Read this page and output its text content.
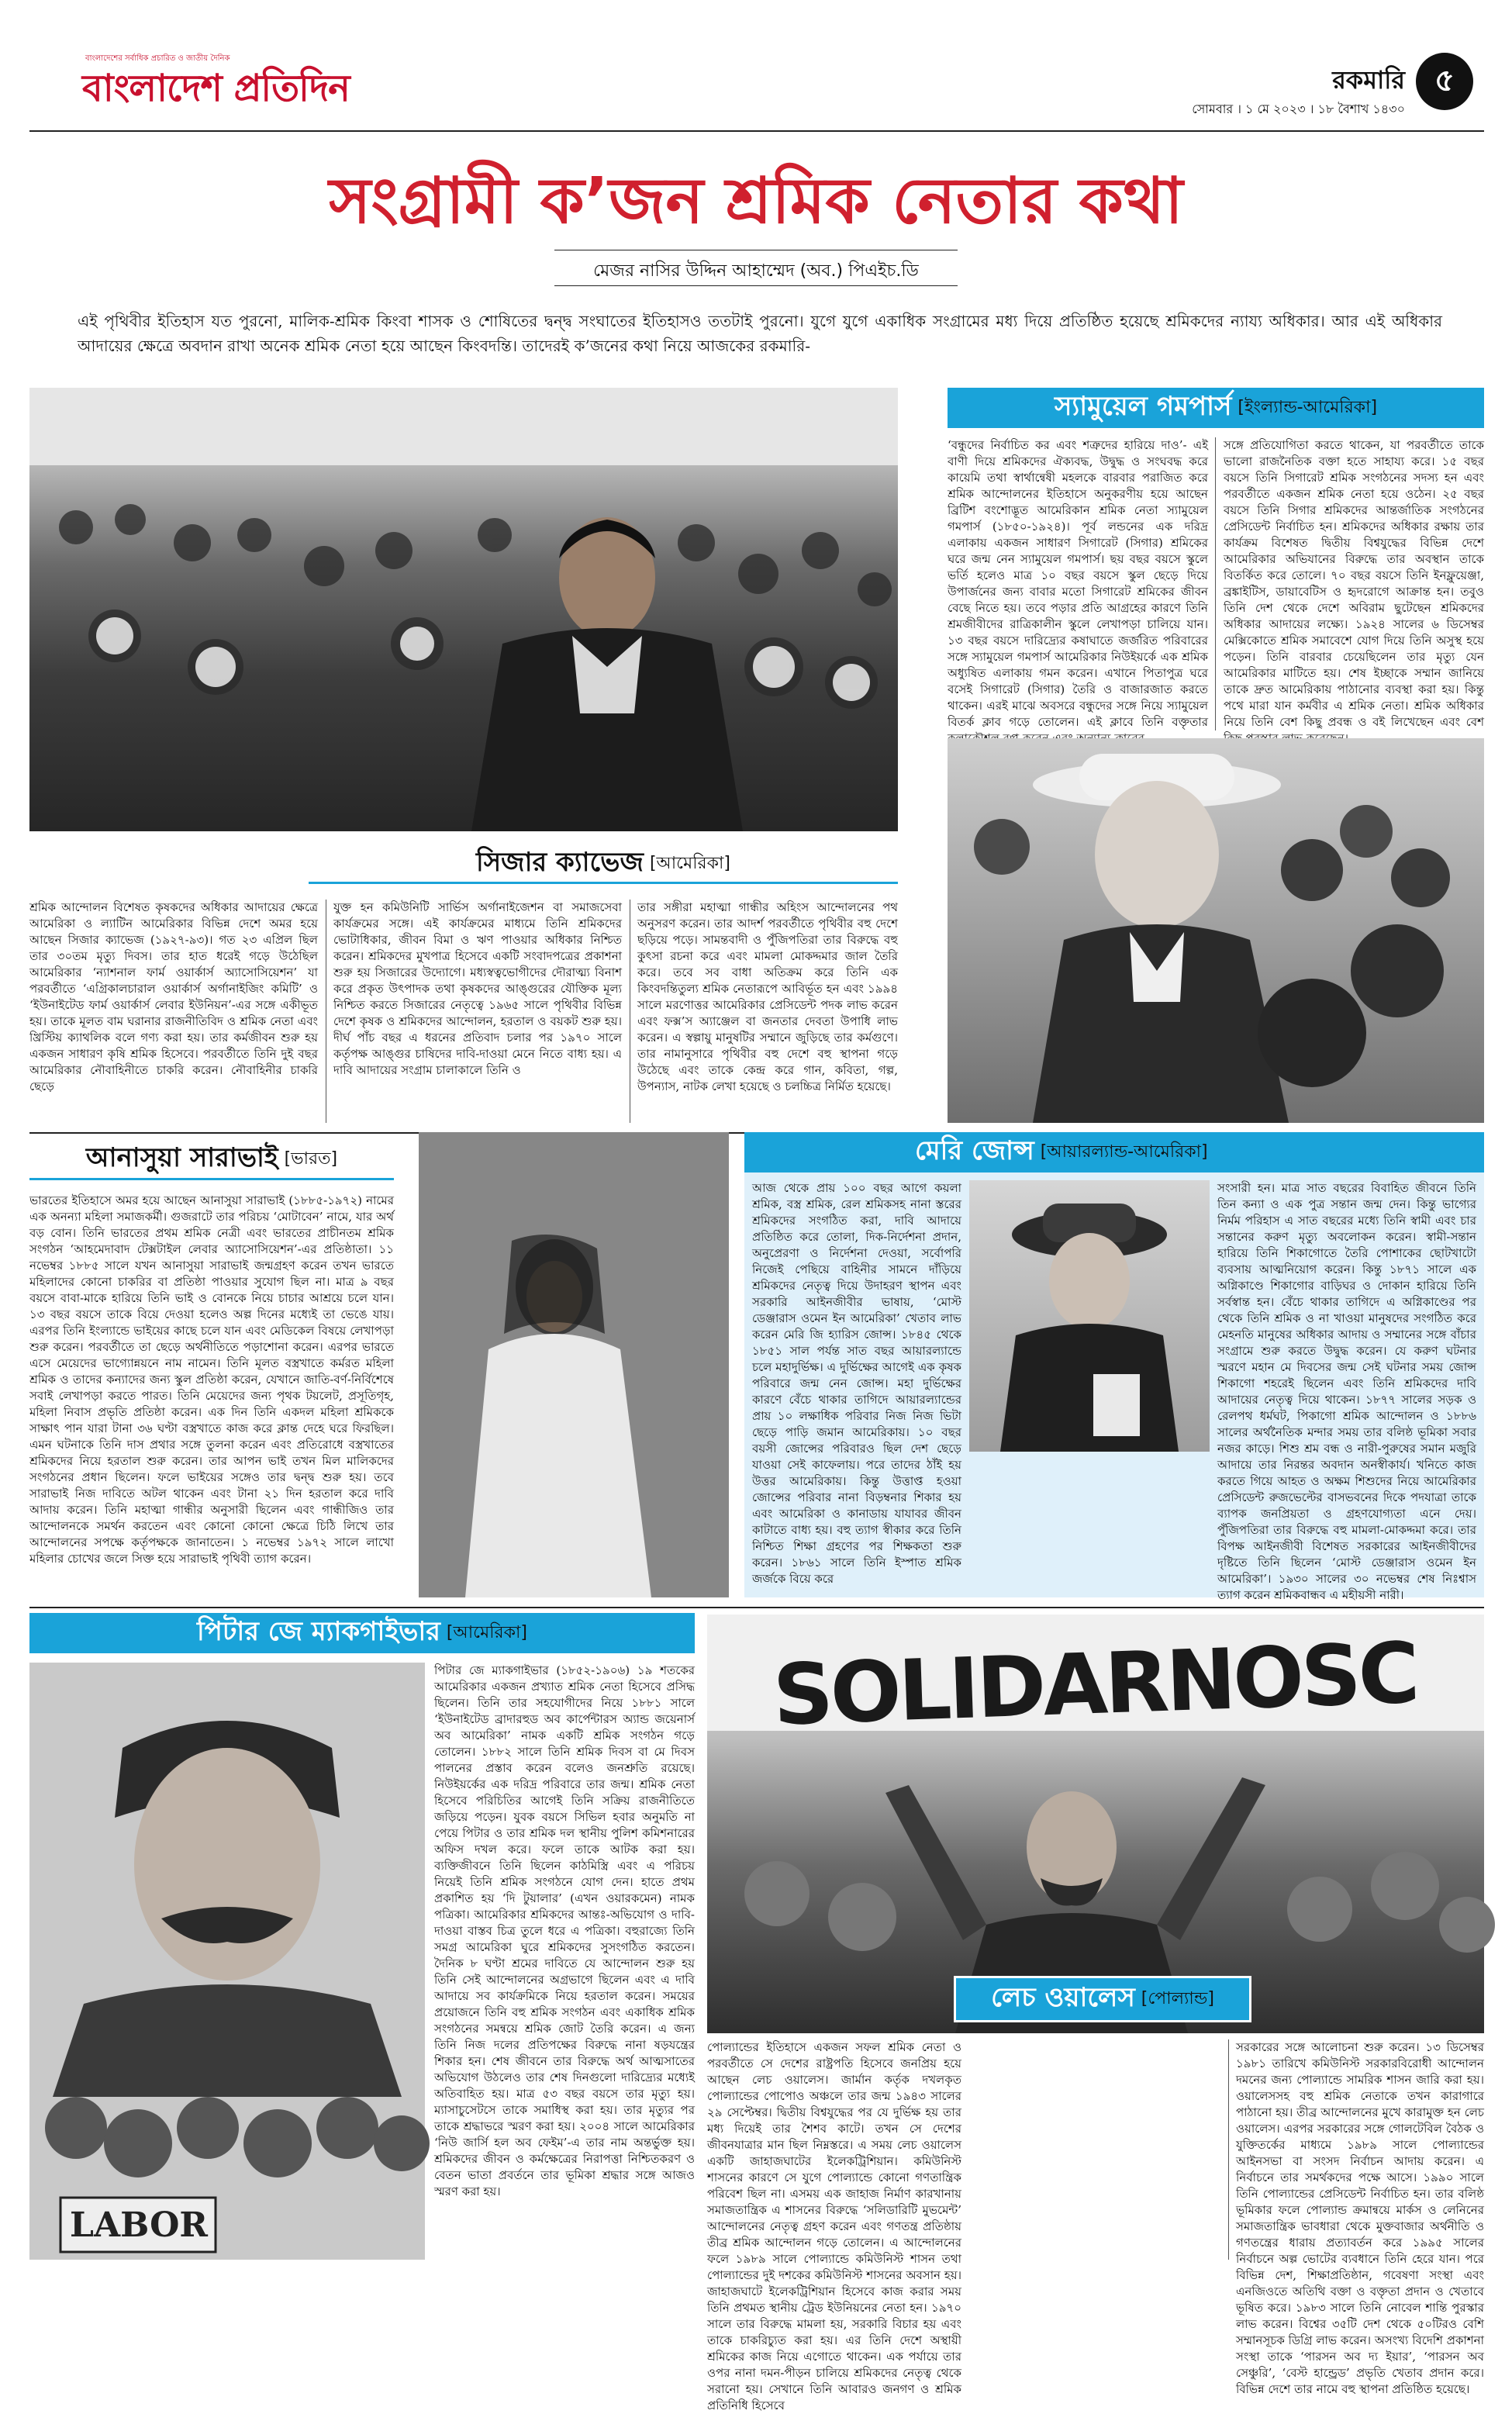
বাংলাদেশের সর্বাধিক প্রচারিত ও জাতীয় দৈনিক
বাংলাদেশ প্রতিদিন	রকমারি ৫
সোমবার । ১ মে ২০২৩ । ১৮ বৈশাখ ১৪৩০
সংগ্রামী ক’জন শ্রমিক নেতার কথা
মেজর নাসির উদ্দিন আহাম্মেদ (অব.) পিএইচ.ডি
এই পৃথিবীর ইতিহাস যত পুরনো, মালিক-শ্রমিক কিংবা শাসক ও শোষিতের দ্বন্দ্ব সংঘাতের ইতিহাসও ততটাই পুরনো। যুগে যুগে একাধিক সংগ্রামের মধ্য দিয়ে প্রতিষ্ঠিত হয়েছে শ্রমিকদের ন্যায্য অধিকার। আর এই অধিকার আদায়ের ক্ষেত্রে অবদান রাখা অনেক শ্রমিক নেতা হয়ে আছেন কিংবদন্তি। তাদেরই ক’জনের কথা নিয়ে আজকের রকমারি-
স্যামুয়েল গমপার্স [ইংল্যান্ড-আমেরিকা]
‘বন্ধুদের নির্বাচিত কর এবং শত্রুদের হারিয়ে দাও’- এই বাণী দিয়ে শ্রমিকদের ঐক্যবদ্ধ, উদ্বুদ্ধ ও সংঘবদ্ধ করে কায়েমি তথা স্বার্থান্বেষী মহলকে বারবার পরাজিত করে শ্রমিক আন্দোলনের ইতিহাসে অনুকরণীয় হয়ে আছেন ব্রিটিশ বংশোদ্ভূত আমেরিকান শ্রমিক নেতা স্যামুয়েল গমপার্স (১৮৫০-১৯২৪)। পূর্ব লন্ডনের এক দরিদ্র এলাকায় একজন সাধারণ সিগারেট (সিগার) শ্রমিকের ঘরে জন্ম নেন স্যামুয়েল গমপার্স। ছয় বছর বয়সে স্কুলে ভর্তি হলেও মাত্র ১০ বছর বয়সে স্কুল ছেড়ে দিয়ে উপার্জনের জন্য বাবার মতো সিগারেট শ্রমিকের জীবন বেছে নিতে হয়। তবে পড়ার প্রতি আগ্রহের কারণে তিনি শ্রমজীবীদের রাত্রিকালীন স্কুলে লেখাপড়া চালিয়ে যান। ১৩ বছর বয়সে দারিদ্র্যের কষাঘাতে জর্জরিত পরিবারের সঙ্গে স্যামুয়েল গমপার্স আমেরিকার নিউইয়র্কে এক শ্রমিক অধ্যুষিত এলাকায় গমন করেন। এখানে পিতাপুত্র ঘরে বসেই সিগারেট (সিগার) তৈরি ও বাজারজাত করতে থাকেন। এরই মাঝে অবসরে বন্ধুদের সঙ্গে নিয়ে স্যামুয়েল বিতর্ক ক্লাব গড়ে তোলেন। এই ক্লাবে তিনি বক্তৃতার
সঙ্গে প্রতিযোগিতা করতে থাকেন, যা পরবর্তীতে তাকে ভালো রাজনৈতিক বক্তা হতে সাহায্য করে। ১৫ বছর বয়সে তিনি সিগারেট শ্রমিক সংগঠনের সদস্য হন এবং পরবর্তীতে একজন শ্রমিক নেতা হয়ে ওঠেন। ২৫ বছর বয়সে তিনি সিগার শ্রমিকদের আন্তর্জাতিক সংগঠনের প্রেসিডেন্ট নির্বাচিত হন। শ্রমিকদের অধিকার রক্ষায় তার কার্যক্রম বিশেষত দ্বিতীয় বিশ্বযুদ্ধের বিভিন্ন দেশে আমেরিকার অভিযানের বিরুদ্ধে তার অবস্থান তাকে বিতর্কিত করে তোলে। ৭০ বছর বয়সে তিনি ইনফ্লুয়েঞ্জা, ব্রঙ্কাইটিস, ডায়াবেটিস ও হৃদরোগে আক্রান্ত হন। তবুও তিনি দেশ থেকে দেশে অবিরাম ছুটেছেন শ্রমিকদের অধিকার আদায়ের লক্ষ্যে। ১৯২৪ সালের ৬ ডিসেম্বর মেক্সিকোতে শ্রমিক সমাবেশে যোগ দিয়ে তিনি অসুস্থ হয়ে পড়েন। তিনি বারবার চেয়েছিলেন তার মৃত্যু যেন আমেরিকার মাটিতে হয়। শেষ ইচ্ছাকে সম্মান জানিয়ে তাকে দ্রুত আমেরিকায় পাঠানোর ব্যবস্থা করা হয়। কিন্তু পথে মারা যান কর্মবীর এ শ্রমিক নেতা। শ্রমিক অধিকার নিয়ে তিনি বেশ কিছু প্রবন্ধ ও বই লিখেছেন এবং বেশ
সিজার ক্যাভেজ [আমেরিকা]
শ্রমিক আন্দোলন বিশেষত কৃষকদের অধিকার আদায়ের ক্ষেত্রে আমেরিকা ও ল্যাটিন আমেরিকার বিভিন্ন দেশে অমর হয়ে আছেন সিজার ক্যাভেজ (১৯২৭-৯৩)। গত ২৩ এপ্রিল ছিল তার ৩০তম মৃত্যু দিবস। তার হাত ধরেই গড়ে উঠেছিল আমেরিকার ‘ন্যাশনাল ফার্ম ওয়ার্কার্স অ্যাসোসিয়েশন’ যা পরবর্তীতে ‘এগ্রিকালচারাল ওয়ার্কার্স অর্গানাইজিং কমিটি’ ও ‘ইউনাইটেড ফার্ম ওয়ার্কার্স লেবার ইউনিয়ন’-এর সঙ্গে একীভূত হয়। তাকে মূলত বাম ঘরানার রাজনীতিবিদ ও শ্রমিক নেতা এবং খ্রিস্টিয় ক্যাথলিক বলে গণ্য করা হয়। তার কর্মজীবন শুরু হয় একজন সাধারণ কৃষি শ্রমিক হিসেবে। পরবর্তীতে তিনি দুই বছর আমেরিকার নৌবাহিনীতে চাকরি করেন। নৌবাহিনীর চাকরি ছেড়ে
যুক্ত হন কমিউনিটি সার্ভিস অর্গানাইজেশন বা সমাজসেবা কার্যক্রমের সঙ্গে। এই কার্যক্রমের মাধ্যমে তিনি শ্রমিকদের ভোটাধিকার, জীবন বিমা ও ঋণ পাওয়ার অধিকার নিশ্চিত করেন। শ্রমিকদের মুখপাত্র হিসেবে একটি সংবাদপত্রের প্রকাশনা শুরু হয় সিজারের উদ্যোগে। মধ্যস্বত্বভোগীদের দৌরাত্ম্য বিনাশ করে প্রকৃত উৎপাদক তথা কৃষকদের আঙ্গুরের যৌক্তিক মূল্য নিশ্চিত করতে সিজারের নেতৃত্বে ১৯৬৫ সালে পৃথিবীর বিভিন্ন দেশে কৃষক ও শ্রমিকদের আন্দোলন, হরতাল ও বয়কট শুরু হয়। দীর্ঘ পাঁচ বছর এ ধরনের প্রতিবাদ চলার পর ১৯৭০ সালে কর্তৃপক্ষ আঙ্গুর চাষিদের দাবি-দাওয়া মেনে নিতে বাধ্য হয়। এ দাবি আদায়ের সংগ্রাম চালাকালে তিনি ও
তার সঙ্গীরা মহাত্মা গান্ধীর অহিংস আন্দোলনের পথ অনুসরণ করেন। তার আদর্শ পরবর্তীতে পৃথিবীর বহু দেশে ছড়িয়ে পড়ে। সামন্তবাদী ও পুঁজিপতিরা তার বিরুদ্ধে বহু কুৎসা রচনা করে এবং মামলা মোকদ্দমার জাল তৈরি করে। তবে সব বাধা অতিক্রম করে তিনি এক কিংবদন্তিতুল্য শ্রমিক নেতারূপে আবির্ভূত হন এবং ১৯৯৪ সালে মরণোত্তর আমেরিকার প্রেসিডেন্ট পদক লাভ করেন এবং ফক্স’স অ্যাঞ্জেল বা জনতার দেবতা উপাধি লাভ করেন। এ স্বল্পায়ু মানুষটির সম্মানে জুড়িছে তার কর্মগুণে। তার নামানুসারে পৃথিবীর বহু দেশে বহু স্থাপনা গড়ে উঠেছে এবং তাকে কেন্দ্র করে গান, কবিতা, গল্প, উপন্যাস, নাটক লেখা হয়েছে ও চলচ্চিত্র নির্মিত হয়েছে।
আনাসুয়া সারাভাই [ভারত]
ভারতের ইতিহাসে অমর হয়ে আছেন আনাসুয়া সারাভাই (১৮৮৫-১৯৭২) নামের এক অনন্যা মহিলা সমাজকর্মী। গুজরাটে তার পরিচয় ‘মোটাবেন’ নামে, যার অর্থ বড় বোন। তিনি ভারতের প্রথম শ্রমিক নেত্রী এবং ভারতের প্রাচীনতম শ্রমিক সংগঠন ‘আহমেদাবাদ টেক্সটাইল লেবার অ্যাসোসিয়েশন’-এর প্রতিষ্ঠাতা। ১১ নভেম্বর ১৮৮৫ সালে যখন আনাসুয়া সারাভাই জন্মগ্রহণ করেন তখন ভারতে মহিলাদের কোনো চাকরির বা প্রতিষ্ঠা পাওয়ার সুযোগ ছিল না। মাত্র ৯ বছর বয়সে বাবা-মাকে হারিয়ে তিনি ভাই ও বোনকে নিয়ে চাচার আশ্রয়ে চলে যান। ১৩ বছর বয়সে তাকে বিয়ে দেওয়া হলেও অল্প দিনের মধ্যেই তা ভেঙে যায়। এরপর তিনি ইংল্যান্ডে ভাইয়ের কাছে চলে যান এবং মেডিকেল বিষয়ে লেখাপড়া শুরু করেন। পরবর্তীতে তা ছেড়ে অর্থনীতিতে পড়াশোনা করেন। এরপর ভারতে এসে মেয়েদের ভাগ্যোন্নয়নে নাম নামেন। তিনি মূলত বস্ত্রখাতে কর্মরত মহিলা শ্রমিক ও তাদের কন্যাদের জন্য স্কুল প্রতিষ্ঠা করেন, যেখানে জাতি-বর্ণ-নির্বিশেষে সবাই লেখাপড়া করতে পারত। তিনি মেয়েদের জন্য পৃথক টয়লেট, প্রসূতিগৃহ, মহিলা নিবাস প্রভৃতি প্রতিষ্ঠা করেন। এক দিন তিনি একদল মহিলা শ্রমিককে সাক্ষাৎ পান যারা টানা ৩৬ ঘণ্টা বস্ত্রখাতে কাজ করে ক্লান্ত দেহে ঘরে ফিরছিল। এমন ঘটনাকে তিনি দাস প্রথার সঙ্গে তুলনা করেন এবং প্রতিরোধে বস্ত্রখাতের শ্রমিকদের নিয়ে হরতাল শুরু করেন। তার আপন ভাই তখন মিল মালিকদের সংগঠনের প্রধান ছিলেন। ফলে ভাইয়ের সঙ্গেও তার দ্বন্দ্ব শুরু হয়। তবে সারাভাই নিজ দাবিতে অটল থাকেন এবং টানা ২১ দিন হরতাল করে দাবি আদায় করেন। তিনি মহাত্মা গান্ধীর অনুসারী ছিলেন এবং গান্ধীজিও তার আন্দোলনকে সমর্থন করতেন এবং কোনো কোনো ক্ষেত্রে চিঠি লিখে তার আন্দোলনের সপক্ষে কর্তৃপক্ষকে জানাতেন। ১ নভেম্বর ১৯৭২ সালে লাখো মহিলার চোখের জলে সিক্ত হয়ে সারাভাই পৃথিবী ত্যাগ করেন।
মেরি জোন্স [আয়ারল্যান্ড-আমেরিকা]
আজ থেকে প্রায় ১০০ বছর আগে কয়লা শ্রমিক, বস্ত্র শ্রমিক, রেল শ্রমিকসহ নানা স্তরের শ্রমিকদের সংগঠিত করা, দাবি আদায়ে প্রতিষ্ঠিত করে তোলা, দিক-নির্দেশনা প্রদান, অনুপ্রেরণা ও নির্দেশনা দেওয়া, সর্বোপরি নিজেই পেছিয়ে বাহিনীর সামনে দাঁড়িয়ে শ্রমিকদের নেতৃত্ব দিয়ে উদাহরণ স্থাপন এবং সরকারি আইনজীবীর ভাষায়, ‘মোস্ট ডেঞ্জারাস ওমেন ইন আমেরিকা’ খেতাব লাভ করেন মেরি জি হ্যারিস জোন্স। ১৮৪৫ থেকে ১৮৫১ সাল পর্যন্ত সাত বছর আয়ারল্যান্ডে চলে মহাদুর্ভিক্ষ। এ দুর্ভিক্ষের আগেই এক কৃষক পরিবারে জন্ম নেন জোন্স। মহা দুর্ভিক্ষের কারণে বেঁচে থাকার তাগিদে আয়ারল্যান্ডের প্রায় ১০ লক্ষাধিক পরিবার নিজ নিজ ভিটা ছেড়ে পাড়ি জমান আমেরিকায়। ১০ বছর বয়সী জোন্সের পরিবারও ছিল দেশ ছেড়ে যাওয়া সেই কাফেলায়। পরে তাদের ঠাঁই হয় উত্তর আমেরিকায়। কিন্তু উত্তাপ্ত হওয়া জোন্সের পরিবার নানা বিড়ম্বনার শিকার হয় এবং আমেরিকা ও কানাডায় যাযাবর জীবন কাটাতে বাধ্য হয়। বহু ত্যাগ স্বীকার করে তিনি নিশ্চিত শিক্ষা গ্রহণের পর শিক্ষকতা শুরু করেন। ১৮৬১ সালে তিনি ইস্পাত শ্রমিক জর্জকে বিয়ে করে
সংসারী হন। মাত্র সাত বছরের বিবাহিত জীবনে তিনি তিন কন্যা ও এক পুত্র সন্তান জন্ম দেন। কিন্তু ভাগ্যের নির্মম পরিহাস এ সাত বছরের মধ্যে তিনি স্বামী এবং চার সন্তানের করুণ মৃত্যু অবলোকন করেন। স্বামী-সন্তান হারিয়ে তিনি শিকাগোতে তৈরি পোশাকের ছোটখাটো ব্যবসায় আত্মনিয়োগ করেন। কিন্তু ১৮৭১ সালে এক অগ্নিকাণ্ডে শিকাগোর বাড়িঘর ও দোকান হারিয়ে তিনি সর্বস্বান্ত হন। বেঁচে থাকার তাগিদে এ অগ্নিকাণ্ডের পর থেকে তিনি শ্রমিক ও না খাওয়া মানুষদের সংগঠিত করে মেহনতি মানুষের অধিকার আদায় ও সম্মানের সঙ্গে বাঁচার সংগ্রামে শুরু করতে উদ্বুদ্ধ করেন। যে করুণ ঘটনার স্মরণে মহান মে দিবসের জন্ম সেই ঘটনার সময় জোন্স শিকাগো শহরেই ছিলেন এবং তিনি শ্রমিকদের দাবি আদায়ের নেতৃত্ব দিয়ে থাকেন। ১৮৭৭ সালের সড়ক ও রেলপথ ধর্মঘট, পিকাগো শ্রমিক আন্দোলন ও ১৮৮৬ সালের অর্থনৈতিক মন্দার সময় তার বলিষ্ঠ ভূমিকা সবার নজর কাড়ে। শিশু শ্রম বন্ধ ও নারী-পুরুষের সমান মজুরি আদায়ে তার নিরন্তর অবদান অনস্বীকার্য। খনিতে কাজ করতে গিয়ে আহত ও অক্ষম শিশুদের নিয়ে আমেরিকার প্রেসিডেন্ট রুজভেল্টের বাসভবনের দিকে পদযাত্রা তাকে ব্যাপক জনপ্রিয়তা ও গ্রহণযোগ্যতা এনে দেয়। পুঁজিপতিরা তার বিরুদ্ধে বহু মামলা-মোকদ্দমা করে। তার বিপক্ষ আইনজীবী বিশেষত সরকারের আইনজীবীদের দৃষ্টিতে তিনি ছিলেন ‘মোস্ট ডেঞ্জারাস ওমেন ইন আমেরিকা’। ১৯৩০ সালের ৩০ নভেম্বর শেষ নিঃশ্বাস ত্যাগ করেন শ্রমিকবান্ধব এ মহীয়সী নারী।
পিটার জে ম্যাকগাইভার [আমেরিকা]
LABOR
পিটার জে ম্যাকগাইভার (১৮৫২-১৯০৬) ১৯ শতকের আমেরিকার একজন প্রখ্যাত শ্রমিক নেতা হিসেবে প্রসিদ্ধ ছিলেন। তিনি তার সহযোগীদের নিয়ে ১৮৮১ সালে ‘ইউনাইটেড ব্রাদারহুড অব কার্পেন্টারস অ্যান্ড জয়েনার্স অব আমেরিকা’ নামক একটি শ্রমিক সংগঠন গড়ে তোলেন। ১৮৮২ সালে তিনি শ্রমিক দিবস বা মে দিবস পালনের প্রস্তাব করেন বলেও জনশ্রুতি রয়েছে। নিউইয়র্কের এক দরিদ্র পরিবারে তার জন্ম। শ্রমিক নেতা হিসেবে পরিচিতির আগেই তিনি সক্রিয় রাজনীতিতে জড়িয়ে পড়েন। যুবক বয়সে সিভিল হবার অনুমতি না পেয়ে পিটার ও তার শ্রমিক দল স্থানীয় পুলিশ কমিশনারের অফিস দখল করে। ফলে তাকে আটক করা হয়। ব্যক্তিজীবনে তিনি ছিলেন কাঠমিস্ত্রি এবং এ পরিচয় নিয়েই তিনি শ্রমিক সংগঠনে যোগ দেন। হাতে প্রথম প্রকাশিত হয় ‘দি টুয়ালার’ (এখন ওয়ারকমেন) নামক পত্রিকা। আমেরিকার শ্রমিকদের আন্তঃ-অভিযোগ ও দাবি-দাওয়া বাস্তব চিত্র তুলে ধরে এ পত্রিকা। বহুরাজ্যে তিনি সমগ্র আমেরিকা ঘুরে শ্রমিকদের সুসংগঠিত করতেন। দৈনিক ৮ ঘণ্টা শ্রমের দাবিতে যে আন্দোলন শুরু হয় তিনি সেই আন্দোলনের অগ্রভাগে ছিলেন এবং এ দাবি আদায়ে সব কার্যক্রমিকে নিয়ে হরতাল করেন। সময়ের প্রয়োজনে তিনি বহু শ্রমিক সংগঠন এবং একাধিক শ্রমিক সংগঠনের সমন্বয়ে শ্রমিক জোট তৈরি করেন। এ জন্য তিনি নিজ দলের প্রতিপক্ষের বিরুদ্ধে নানা ষড়যন্ত্রের শিকার হন। শেষ জীবনে তার বিরুদ্ধে অর্থ আত্মসাতের অভিযোগ উঠলেও তার শেষ দিনগুলো দারিদ্র্যের মধ্যেই অতিবাহিত হয়। মাত্র ৫৩ বছর বয়সে তার মৃত্যু হয়। ম্যাসাচুসেটসে তাকে সমাধিস্থ করা হয়। তার মৃত্যুর পর তাকে শ্রদ্ধাভরে স্মরণ করা হয়। ২০০৪ সালে আমেরিকার ‘নিউ জার্সি হল অব ফেইম’-এ তার নাম অন্তর্ভুক্ত হয়। শ্রমিকদের জীবন ও কর্মক্ষেত্রের নিরাপত্তা নিশ্চিতকরণ ও বেতন ভাতা প্রবর্তনে তার ভূমিকা শ্রদ্ধার সঙ্গে আজও স্মরণ করা হয়।
SOLIDARNOSC
পোল্যান্ডের ইতিহাসে একজন সফল শ্রমিক নেতা ও পরবর্তীতে সে দেশের রাষ্ট্রপতি হিসেবে জনপ্রিয় হয়ে আছেন লেচ ওয়ালেস। জার্মান কর্তৃক দখলকৃত পোল্যান্ডের পোপোও অঞ্চলে তার জন্ম ১৯৪৩ সালের ২৯ সেপ্টেম্বর। দ্বিতীয় বিশ্বযুদ্ধের পর যে দুর্ভিক্ষ হয় তার মধ্য দিয়েই তার শৈশব কাটে। তখন সে দেশের জীবনযাত্রার মান ছিল নিম্নস্তরে। এ সময় লেচ ওয়ালেস একটি জাহাজঘাটের ইলেকট্রিশিয়ান। কমিউনিস্ট শাসনের কারণে সে যুগে পোল্যান্ডে কোনো গণতান্ত্রিক পরিবেশ ছিল না। এসময় এক জাহাজ নির্মাণ কারখানায় সমাজতান্ত্রিক এ শাসনের বিরুদ্ধে ‘সলিডারিটি মুভমেন্ট’ আন্দোলনের নেতৃত্ব গ্রহণ করেন এবং গণতন্ত্র প্রতিষ্ঠায় তীব্র শ্রমিক আন্দোলন গড়ে তোলেন। এ আন্দোলনের ফলে ১৯৮৯ সালে পোল্যান্ডে কমিউনিস্ট শাসন তথা পোল্যান্ডের দুই দশকের কমিউনিস্ট শাসনের অবসান হয়। জাহাজঘাটে ইলেকট্রিশিয়ান হিসেবে কাজ করার সময় তিনি প্রথমত স্থানীয় ট্রেড ইউনিয়নের নেতা হন। ১৯৭০ সালে তার বিরুদ্ধে মামলা হয়, সরকারি বিচার হয় এবং তাকে চাকরিচ্যুত করা হয়। এর তিনি দেশে অস্থায়ী শ্রমিকের কাজ নিয়ে এগোতে থাকেন। এক পর্যায়ে তার ওপর নানা দমন-পীড়ন চালিয়ে শ্রমিকদের নেতৃত্ব থেকে সরানো হয়। সেখানে তিনি আবারও জনগণ ও শ্রমিক প্রতিনিধি হিসেবে
লেচ ওয়ালেস [পোল্যান্ড]
সরকারের সঙ্গে আলোচনা শুরু করেন। ১৩ ডিসেম্বর ১৯৮১ তারিখে কমিউনিস্ট সরকারবিরোধী আন্দোলন দমনের জন্য পোল্যান্ডে সামরিক শাসন জারি করা হয়। ওয়ালেসসহ বহু শ্রমিক নেতাকে তখন কারাগারে পাঠানো হয়। তীব্র আন্দোলনের মুখে কারামুক্ত হন লেচ ওয়ালেস। এরপর সরকারের সঙ্গে গোলটেবিল বৈঠক ও যুক্তিতর্কের মাধ্যমে ১৯৮৯ সালে পোল্যান্ডের আইনসভা বা সংসদ নির্বাচন আদায় করেন। এ নির্বাচনে তার সমর্থকদের পক্ষে আসে। ১৯৯০ সালে তিনি পোল্যান্ডের প্রেসিডেন্ট নির্বাচিত হন। তার বলিষ্ঠ ভূমিকার ফলে পোল্যান্ড ক্রমান্বয়ে মার্কস ও লেনিনের সমাজতান্ত্রিক ভাবধারা থেকে মুক্তবাজার অর্থনীতি ও গণতন্ত্রের ধারায় প্রত্যাবর্তন করে ১৯৯৫ সালের নির্বাচনে অল্প ভোটের ব্যবধানে তিনি হেরে যান। পরে বিভিন্ন দেশ, শিক্ষাপ্রতিষ্ঠান, গবেষণা সংস্থা এবং এনজিওতে অতিথি বক্তা ও বক্তৃতা প্রদান ও খেতাবে ভূষিত করে। ১৯৮৩ সালে তিনি নোবেল শান্তি পুরস্কার লাভ করেন। বিশ্বের ৩৫টি দেশ থেকে ৫০টিরও বেশি সম্মানসূচক ডিগ্রি লাভ করেন। অসংখ্য বিদেশি প্রকাশনা সংস্থা তাকে ‘পারসন অব দ্য ইয়ার’, ‘পারসন অব সেঞ্চুরি’, ‘বেস্ট হান্ড্রেড’ প্রভৃতি খেতাব প্রদান করে। বিভিন্ন দেশে তার নামে বহু স্থাপনা প্রতিষ্ঠিত হয়েছে।
